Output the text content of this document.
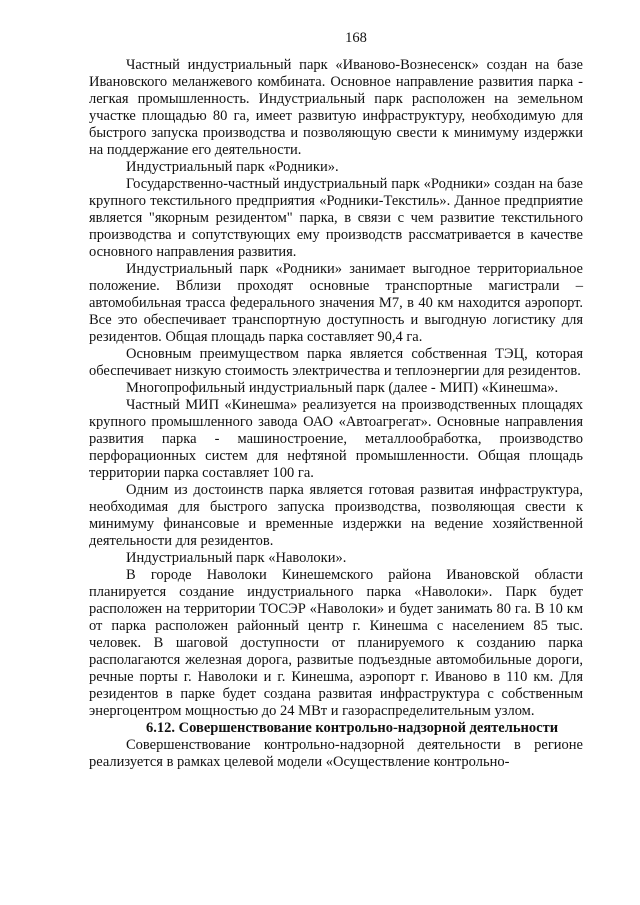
168

Частный индустриальный парк «Иваново-Вознесенск» создан на базе Ивановского меланжевого комбината. Основное направление развития парка - легкая промышленность. Индустриальный парк расположен на земельном участке площадью 80 га, имеет развитую инфраструктуру, необходимую для быстрого запуска производства и позволяющую свести к минимуму издержки на поддержание его деятельности.

Индустриальный парк «Родники».

Государственно-частный индустриальный парк «Родники» создан на базе крупного текстильного предприятия «Родники-Текстиль». Данное предприятие является "якорным резидентом" парка, в связи с чем развитие текстильного производства и сопутствующих ему производств рассматривается в качестве основного направления развития.

Индустриальный парк «Родники» занимает выгодное территориальное положение. Вблизи проходят основные транспортные магистрали – автомобильная трасса федерального значения М7, в 40 км находится аэропорт. Все это обеспечивает транспортную доступность и выгодную логистику для резидентов. Общая площадь парка составляет 90,4 га.

Основным преимуществом парка является собственная ТЭЦ, которая обеспечивает низкую стоимость электричества и теплоэнергии для резидентов.

Многопрофильный индустриальный парк (далее - МИП) «Кинешма».

Частный МИП «Кинешма» реализуется на производственных площадях крупного промышленного завода ОАО «Автоагрегат». Основные направления развития парка - машиностроение, металлообработка, производство перфорационных систем для нефтяной промышленности. Общая площадь территории парка составляет 100 га.

Одним из достоинств парка является готовая развитая инфраструктура, необходимая для быстрого запуска производства, позволяющая свести к минимуму финансовые и временные издержки на ведение хозяйственной деятельности для резидентов.

Индустриальный парк «Наволоки».

В городе Наволоки Кинешемского района Ивановской области планируется создание индустриального парка «Наволоки». Парк будет расположен на территории ТОСЭР «Наволоки» и будет занимать 80 га. В 10 км от парка расположен районный центр г. Кинешма с населением 85 тыс. человек. В шаговой доступности от планируемого к созданию парка располагаются железная дорога, развитые подъездные автомобильные дороги, речные порты г. Наволоки и г. Кинешма, аэропорт г. Иваново в 110 км. Для резидентов в парке будет создана развитая инфраструктура с собственным энергоцентром мощностью до 24 МВт и газораспределительным узлом.

6.12. Совершенствование контрольно-надзорной деятельности

Совершенствование контрольно-надзорной деятельности в регионе реализуется в рамках целевой модели «Осуществление контрольно-
